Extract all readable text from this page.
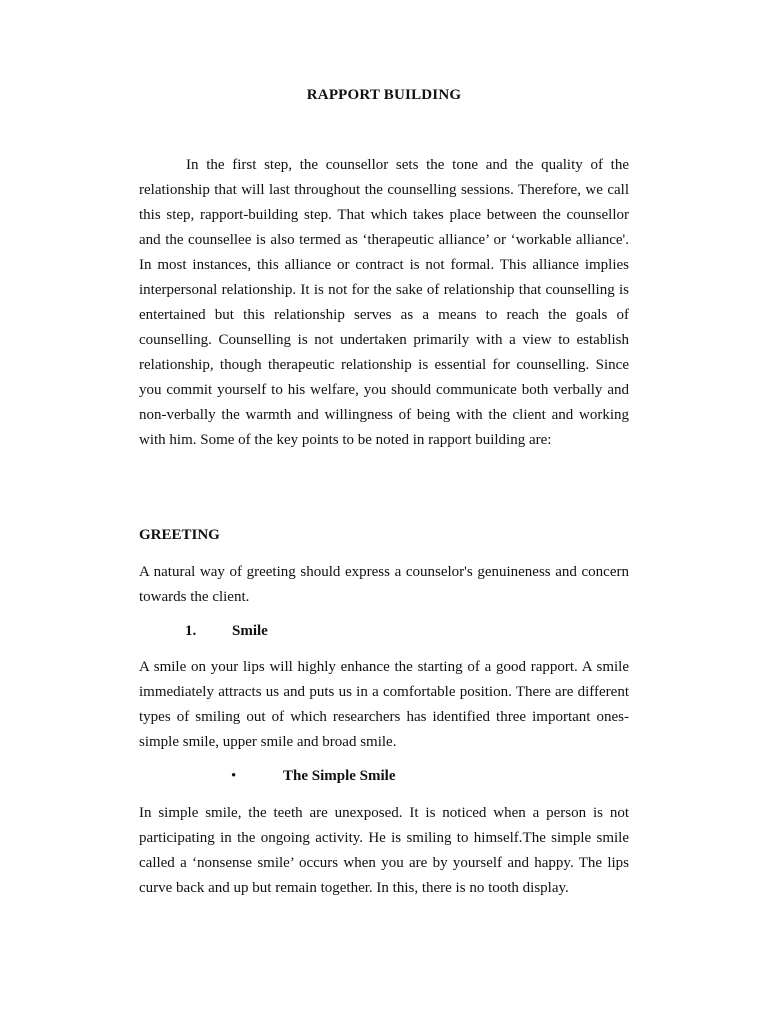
RAPPORT BUILDING
In the first step, the counsellor sets the tone and the quality of the relationship that will last throughout the counselling sessions. Therefore, we call this step, rapport-building step. That which takes place between the counsellor and the counsellee is also termed as ‘therapeutic alliance’ or ‘workable alliance'. In most instances, this alliance or contract is not formal. This alliance implies interpersonal relationship. It is not for the sake of relationship that counselling is entertained but this relationship serves as a means to reach the goals of counselling. Counselling is not undertaken primarily with a view to establish relationship, though therapeutic relationship is essential for counselling. Since you commit yourself to his welfare, you should communicate both verbally and non-verbally the warmth and willingness of being with the client and working with him. Some of the key points to be noted in rapport building are:
GREETING
A natural way of greeting should express a counselor's genuineness and concern towards the client.
1. Smile
A smile on your lips will highly enhance the starting of a good rapport. A smile immediately attracts us and puts us in a comfortable position. There are different types of smiling out of which researchers has identified three important ones- simple smile, upper smile and broad smile.
•	The Simple Smile
In simple smile, the teeth are unexposed. It is noticed when a person is not participating in the ongoing activity. He is smiling to himself.The simple smile called a ‘nonsense smile’ occurs when you are by yourself and happy. The lips curve back and up but remain together. In this, there is no tooth display.
